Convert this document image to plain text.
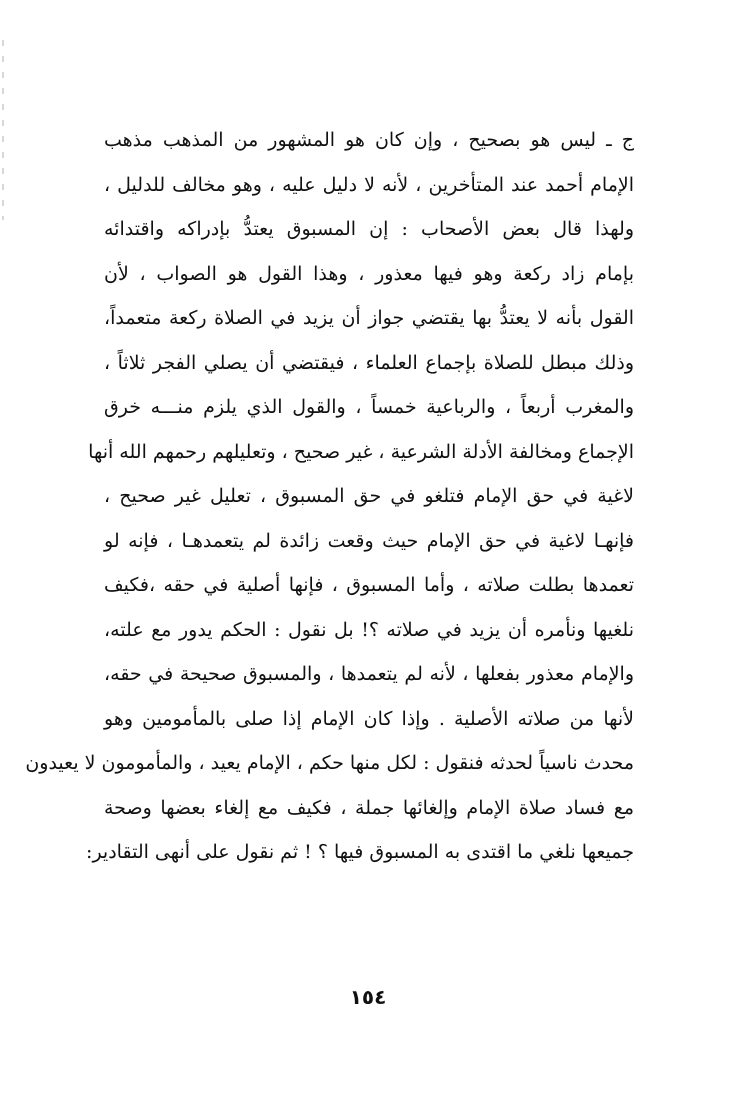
ج ـ ليس هو بصحيح ، وإن كان هو المشهور من المذهب مذهب
الإمام أحمد عند المتأخرين ، لأنه لا دليل عليه ، وهو مخالف للدليل ،
ولهذا قال بعض الأصحاب : إن المسبوق يعتدُّ بإدراكه واقتدائه
بإمام زاد ركعة وهو فيها معذور ، وهذا القول هو الصواب ، لأن
القول بأنه لا يعتدُّ بها يقتضي جواز أن يزيد في الصلاة ركعة متعمداً،
وذلك مبطل للصلاة بإجماع العلماء ، فيقتضي أن يصلي الفجر ثلاثاً ،
والمغرب أربعاً ، والرباعية خمساً ، والقول الذي يلزم منـــه خرق
الإجماع ومخالفة الأدلة الشرعية ، غير صحيح ، وتعليلهم رحمهم الله أنها
لاغية في حق الإمام فتلغو في حق المسبوق ، تعليل غير صحيح ،
فإنهـا لاغية في حق الإمام حيث وقعت زائدة لم يتعمدهـا ، فإنه لو
تعمدها بطلت صلاته ، وأما المسبوق ، فإنها أصلية في حقه ،فكيف
نلغيها ونأمره أن يزيد في صلاته ؟! بل نقول : الحكم يدور مع علته،
والإمام معذور بفعلها ، لأنه لم يتعمدها ، والمسبوق صحيحة في حقه،
لأنها من صلاته الأصلية . وإذا كان الإمام إذا صلى بالمأمومين وهو
محدث ناسياً لحدثه فنقول : لكل منها حكم ، الإمام يعيد ، والمأمومون لا يعيدون
مع فساد صلاة الإمام وإلغائها جملة ، فكيف مع إلغاء بعضها وصحة
جميعها نلغي ما اقتدى به المسبوق فيها ؟ ! ثم نقول على أنهى التقادير:
١٥٤
